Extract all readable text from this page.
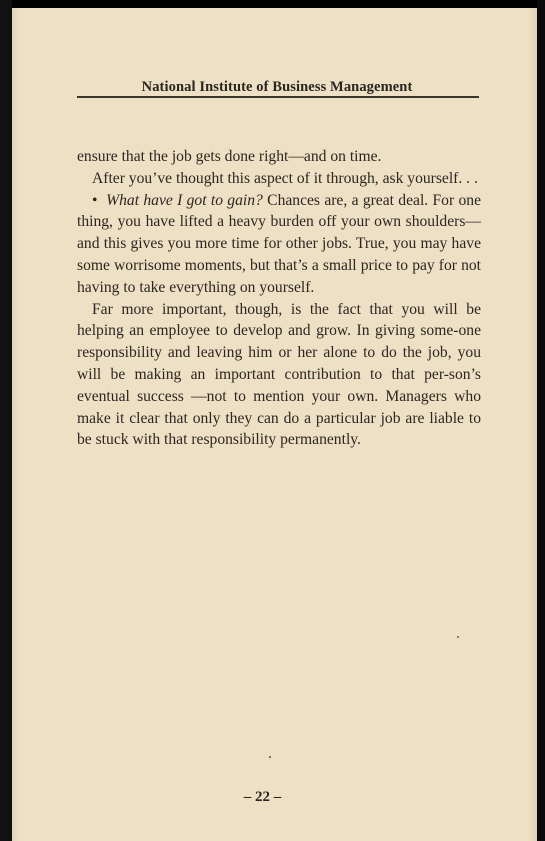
National Institute of Business Management

ensure that the job gets done right—and on time.

After you’ve thought this aspect of it through, ask yourself. . .

• What have I got to gain? Chances are, a great deal. For one thing, you have lifted a heavy burden off your own shoulders—and this gives you more time for other jobs. True, you may have some worrisome moments, but that’s a small price to pay for not having to take everything on yourself.

Far more important, though, is the fact that you will be helping an employee to develop and grow. In giving some-one responsibility and leaving him or her alone to do the job, you will be making an important contribution to that per-son’s eventual success —not to mention your own. Managers who make it clear that only they can do a particular job are liable to be stuck with that responsibility permanently.

– 22 –
